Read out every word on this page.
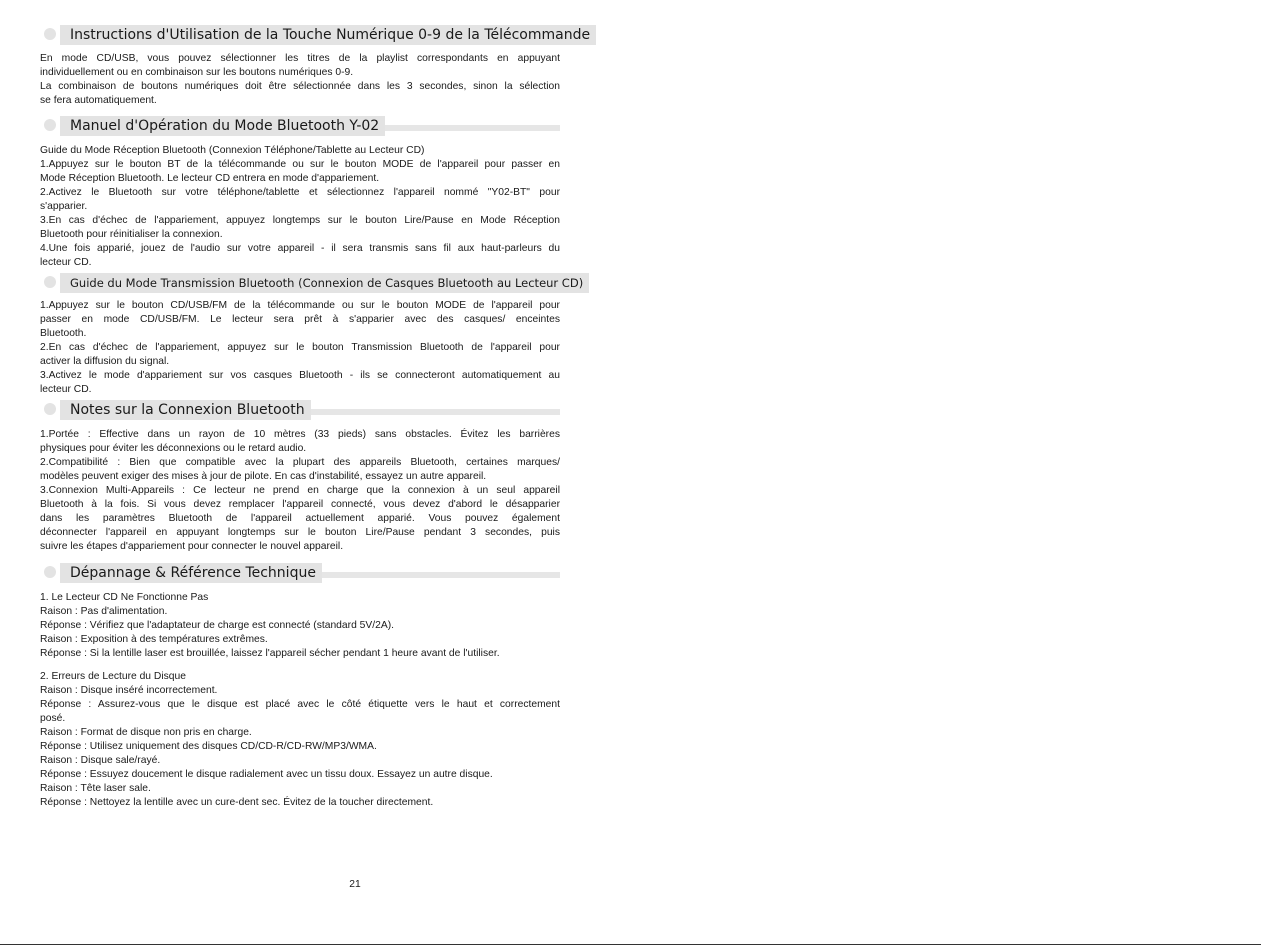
Instructions d'Utilisation de la Touche Numérique 0-9 de la Télécommande
En mode CD/USB, vous pouvez sélectionner les titres de la playlist correspondants en appuyant
individuellement ou en combinaison sur les boutons numériques 0-9.
La combinaison de boutons numériques doit être sélectionnée dans les 3 secondes, sinon la sélection
se fera automatiquement.
Manuel d'Opération du Mode Bluetooth Y-02
Guide du Mode Réception Bluetooth (Connexion Téléphone/Tablette au Lecteur CD)
1.Appuyez sur le bouton BT de la télécommande ou sur le bouton MODE de l'appareil pour passer en
Mode Réception Bluetooth. Le lecteur CD entrera en mode d'appariement.
2.Activez le Bluetooth sur votre téléphone/tablette et sélectionnez l'appareil nommé "Y02-BT" pour
s'apparier.
3.En cas d'échec de l'appariement, appuyez longtemps sur le bouton Lire/Pause en Mode Réception
Bluetooth pour réinitialiser la connexion.
4.Une fois apparié, jouez de l'audio sur votre appareil - il sera transmis sans fil aux haut-parleurs du
lecteur CD.
Guide du Mode Transmission Bluetooth (Connexion de Casques Bluetooth au Lecteur CD)
1.Appuyez sur le bouton CD/USB/FM de la télécommande ou sur le bouton MODE de l'appareil pour
passer en mode CD/USB/FM. Le lecteur sera prêt à s'apparier avec des casques/ enceintes
Bluetooth.
2.En cas d'échec de l'appariement, appuyez sur le bouton Transmission Bluetooth de l'appareil pour
activer la diffusion du signal.
3.Activez le mode d'appariement sur vos casques Bluetooth - ils se connecteront automatiquement au
lecteur CD.
Notes sur la Connexion Bluetooth
1.Portée : Effective dans un rayon de 10 mètres (33 pieds) sans obstacles. Évitez les barrières
physiques pour éviter les déconnexions ou le retard audio.
2.Compatibilité : Bien que compatible avec la plupart des appareils Bluetooth, certaines marques/
modèles peuvent exiger des mises à jour de pilote. En cas d'instabilité, essayez un autre appareil.
3.Connexion Multi-Appareils : Ce lecteur ne prend en charge que la connexion à un seul appareil
Bluetooth à la fois. Si vous devez remplacer l'appareil connecté, vous devez d'abord le désapparier
dans les paramètres Bluetooth de l'appareil actuellement apparié. Vous pouvez également
déconnecter l'appareil en appuyant longtemps sur le bouton Lire/Pause pendant 3 secondes, puis
suivre les étapes d'appariement pour connecter le nouvel appareil.
Dépannage & Référence Technique
1. Le Lecteur CD Ne Fonctionne Pas
Raison : Pas d'alimentation.
Réponse : Vérifiez que l'adaptateur de charge est connecté (standard 5V/2A).
Raison : Exposition à des températures extrêmes.
Réponse : Si la lentille laser est brouillée, laissez l'appareil sécher pendant 1 heure avant de l'utiliser.
2. Erreurs de Lecture du Disque
Raison : Disque inséré incorrectement.
Réponse : Assurez-vous que le disque est placé avec le côté étiquette vers le haut et correctement
posé.
Raison : Format de disque non pris en charge.
Réponse : Utilisez uniquement des disques CD/CD-R/CD-RW/MP3/WMA.
Raison : Disque sale/rayé.
Réponse : Essuyez doucement le disque radialement avec un tissu doux. Essayez un autre disque.
Raison : Tête laser sale.
Réponse : Nettoyez la lentille avec un cure-dent sec. Évitez de la toucher directement.
21
